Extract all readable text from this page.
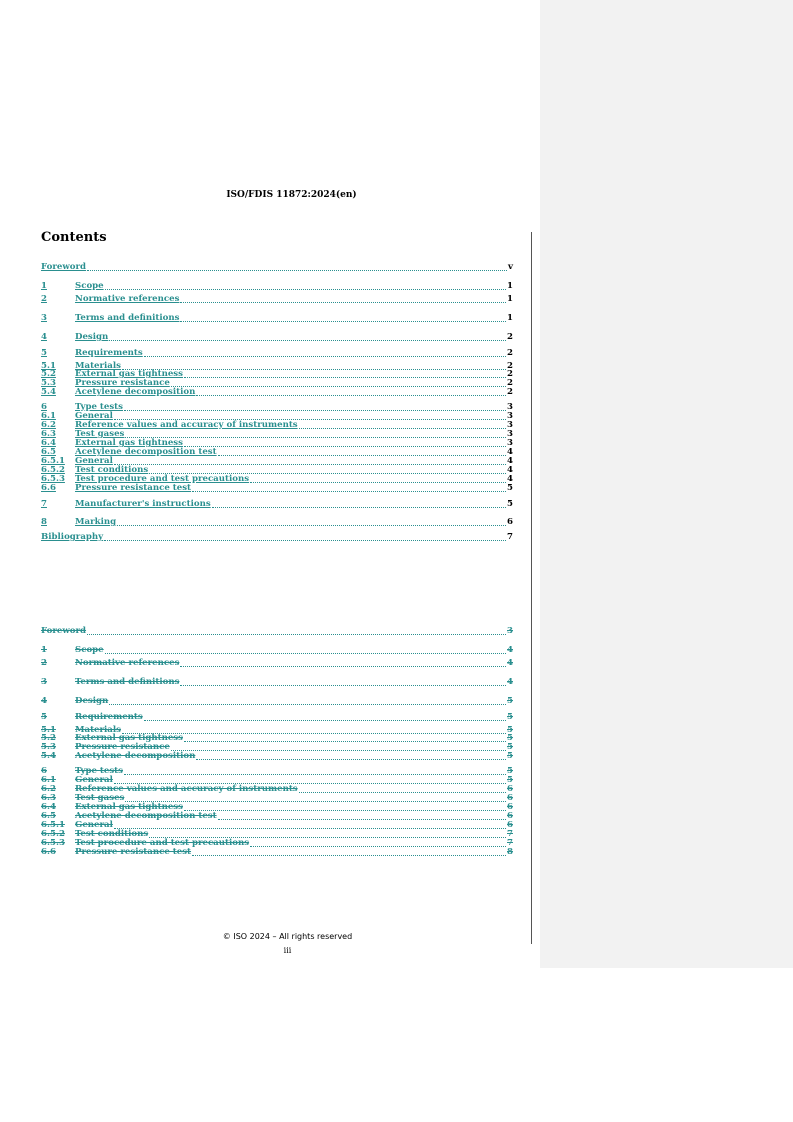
ISO/FDIS 11872:2024(en)
Contents
Foreword	v
1	Scope	1
2	Normative references	1
3	Terms and definitions	1
4	Design	2
5	Requirements	2
5.1	Materials	2
5.2	External gas tightness	2
5.3	Pressure resistance	2
5.4	Acetylene decomposition	2
6	Type tests	3
6.1	General	3
6.2	Reference values and accuracy of instruments	3
6.3	Test gases	3
6.4	External gas tightness	3
6.5	Acetylene decomposition test	4
6.5.1	General	4
6.5.2	Test conditions	4
6.5.3	Test procedure and test precautions	4
6.6	Pressure resistance test	5
7	Manufacturer's instructions	5
8	Marking	6
Bibliography	7
Foreword	3
1	Scope	4
2	Normative references	4
3	Terms and definitions	4
4	Design	5
5	Requirements	5
5.1	Materials	5
5.2	External gas tightness	5
5.3	Pressure resistance	5
5.4	Acetylene decomposition	5
6	Type tests	5
6.1	General	5
6.2	Reference values and accuracy of instruments	6
6.3	Test gases	6
6.4	External gas tightness	6
6.5	Acetylene decomposition test	6
6.5.1	General	6
6.5.2	Test conditions	7
6.5.3	Test procedure and test precautions	7
6.6	Pressure resistance test	8
© ISO 2024 – All rights reserved
iii
